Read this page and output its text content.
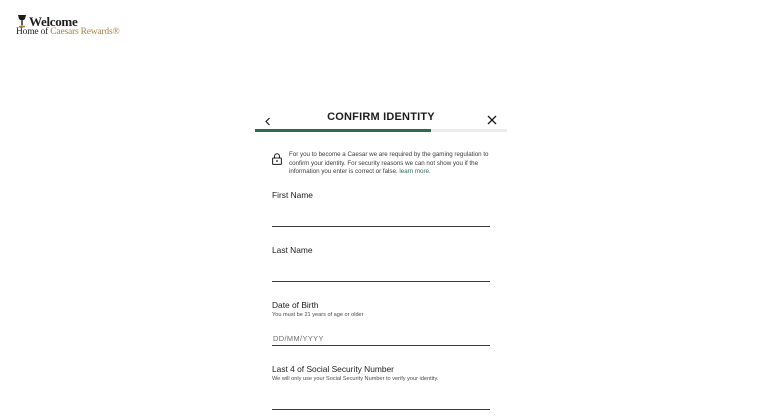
Welcome
Home of Caesars Rewards®
CONFIRM IDENTITY
For you to become a Caesar we are required by the gaming regulation to confirm your identity. For security reasons we can not show you if the information you enter is correct or false. learn more.
First Name
Last Name
Date of Birth
You must be 21 years of age or older
DD/MM/YYYY
Last 4 of Social Security Number
We will only use your Social Security Number to verify your identity.
